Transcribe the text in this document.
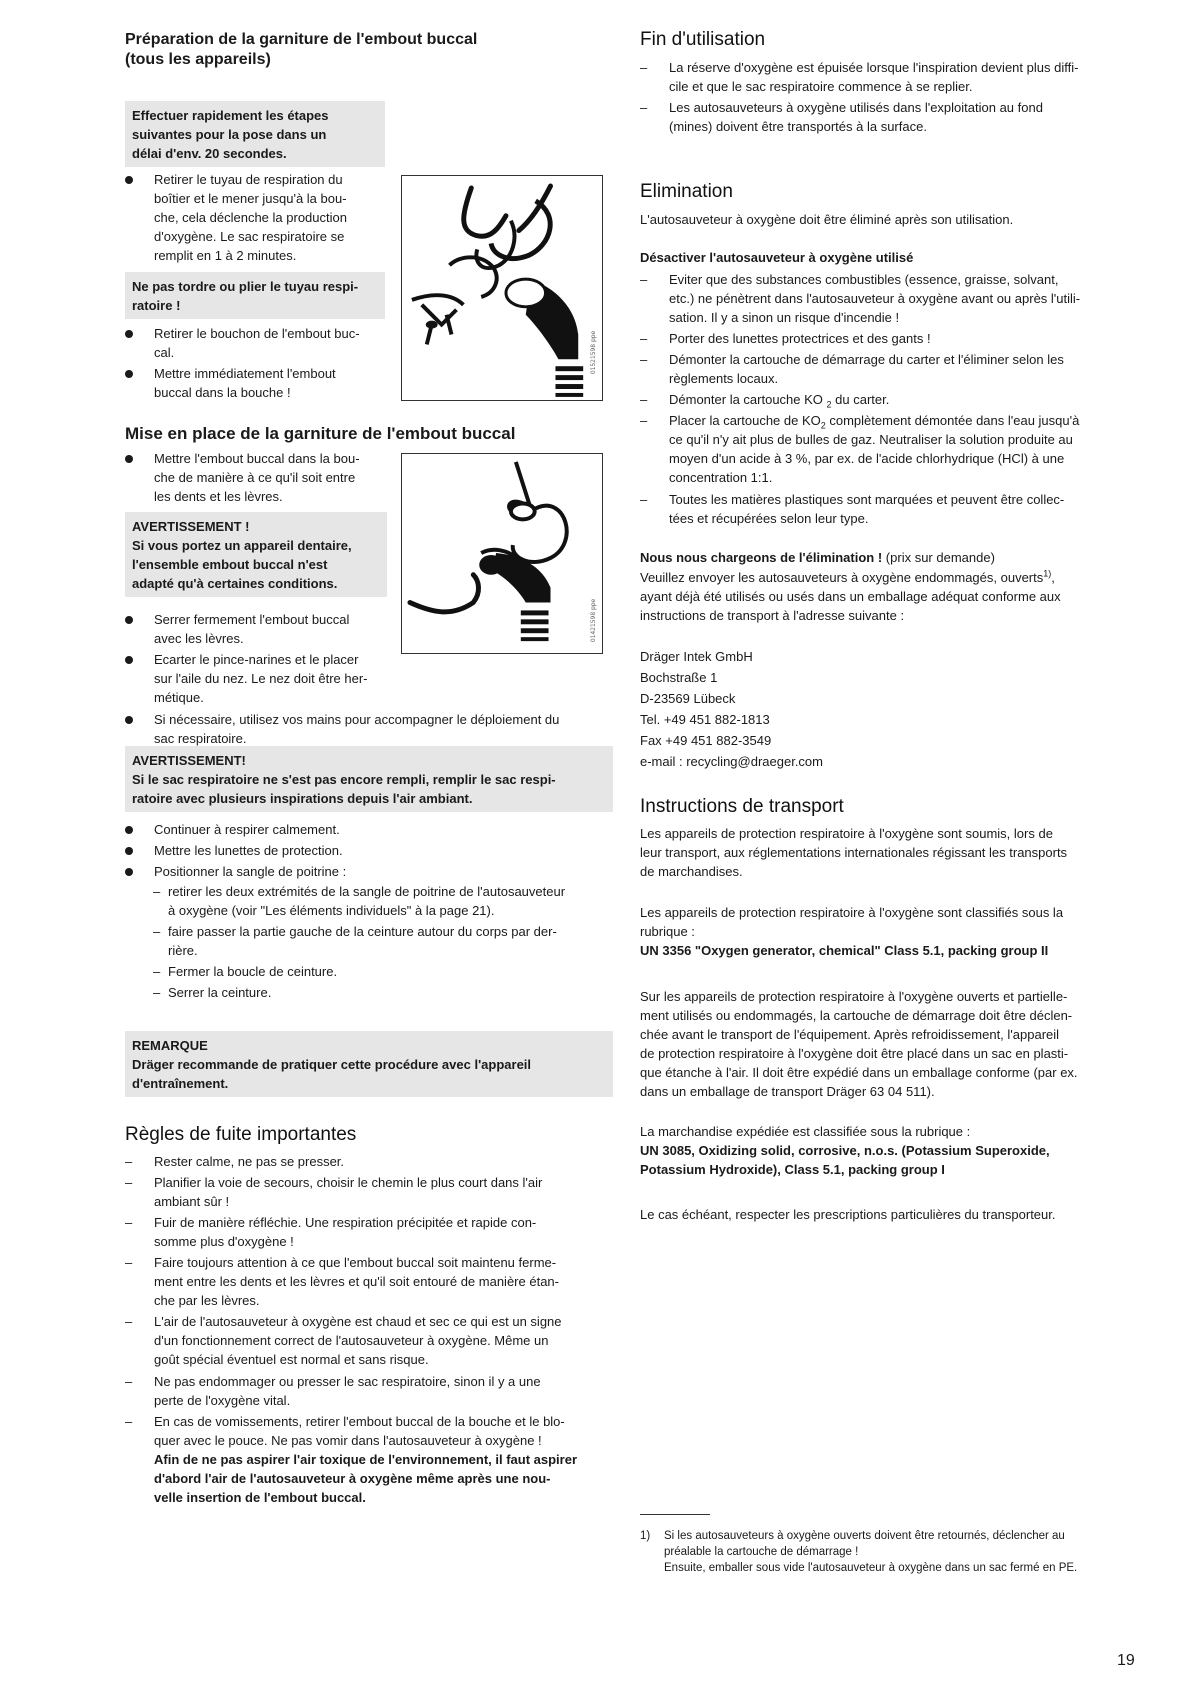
Préparation de la garniture de l'embout buccal
(tous les appareils)
Effectuer rapidement les étapes
suivantes pour la pose dans un
délai d'env. 20 secondes.
Retirer le tuyau de respiration du
boîtier et le mener jusqu'à la bou-
che, cela déclenche la production
d'oxygène. Le sac respiratoire se
remplit en 1 à 2 minutes.
Ne pas tordre ou plier le tuyau respi-
ratoire !
Retirer le bouchon de l'embout buc-
cal.
Mettre immédiatement l'embout
buccal dans la bouche !
01521598 ppe
Mise en place de la garniture de l'embout buccal
Mettre l'embout buccal dans la bou-
che de manière à ce qu'il soit entre
les dents et les lèvres.
AVERTISSEMENT !
Si vous portez un appareil dentaire,
l'ensemble embout buccal n'est
adapté qu'à certaines conditions.
01421598 ppe
Serrer fermement l'embout buccal
avec les lèvres.
Ecarter le pince-narines et le placer
sur l'aile du nez. Le nez doit être her-
métique.
Si nécessaire, utilisez vos mains pour accompagner le déploiement du
sac respiratoire.
AVERTISSEMENT!
Si le sac respiratoire ne s'est pas encore rempli, remplir le sac respi-
ratoire avec plusieurs inspirations depuis l'air ambiant.
Continuer à respirer calmement.
Mettre les lunettes de protection.
Positionner la sangle de poitrine :
– retirer les deux extrémités de la sangle de poitrine de l'autosauveteur
à oxygène (voir "Les éléments individuels" à la page 21).
– faire passer la partie gauche de la ceinture autour du corps par der-
rière.
– Fermer la boucle de ceinture.
– Serrer la ceinture.
REMARQUE
Dräger recommande de pratiquer cette procédure avec l'appareil
d'entraînement.
Règles de fuite importantes
– Rester calme, ne pas se presser.
– Planifier la voie de secours, choisir le chemin le plus court dans l'air
ambiant sûr !
– Fuir de manière réfléchie. Une respiration précipitée et rapide con-
somme plus d'oxygène !
– Faire toujours attention à ce que l'embout buccal soit maintenu ferme-
ment entre les dents et les lèvres et qu'il soit entouré de manière étan-
che par les lèvres.
– L'air de l'autosauveteur à oxygène est chaud et sec ce qui est un signe
d'un fonctionnement correct de l'autosauveteur à oxygène. Même un
goût spécial éventuel est normal et sans risque.
– Ne pas endommager ou presser le sac respiratoire, sinon il y a une
perte de l'oxygène vital.
– En cas de vomissements, retirer l'embout buccal de la bouche et le blo-
quer avec le pouce. Ne pas vomir dans l'autosauveteur à oxygène !
Afin de ne pas aspirer l'air toxique de l'environnement, il faut aspirer
d'abord l'air de l'autosauveteur à oxygène même après une nou-
velle insertion de l'embout buccal.
Fin d'utilisation
– La réserve d'oxygène est épuisée lorsque l'inspiration devient plus diffi-
cile et que le sac respiratoire commence à se replier.
– Les autosauveteurs à oxygène utilisés dans l'exploitation au fond
(mines) doivent être transportés à la surface.
Elimination
L'autosauveteur à oxygène doit être éliminé après son utilisation.
Désactiver l'autosauveteur à oxygène utilisé
– Eviter que des substances combustibles (essence, graisse, solvant,
etc.) ne pénètrent dans l'autosauveteur à oxygène avant ou après l'utili-
sation. Il y a sinon un risque d'incendie !
– Porter des lunettes protectrices et des gants !
– Démonter la cartouche de démarrage du carter et l'éliminer selon les
règlements locaux.
– Démonter la cartouche KO $_2$ du carter.
– Placer la cartouche de $KO_2$ complètement démontée dans l'eau jusqu'à
ce qu'il n'y ait plus de bulles de gaz. Neutraliser la solution produite au
moyen d'un acide à 3 %, par ex. de l'acide chlorhydrique (HCl) à une
concentration 1:1.
– Toutes les matières plastiques sont marquées et peuvent être collec-
tées et récupérées selon leur type.
Nous nous chargeons de l'élimination ! (prix sur demande)
Veuillez envoyer les autosauveteurs à oxygène endommagés, ouverts$^{1)}$,
ayant déjà été utilisés ou usés dans un emballage adéquat conforme aux
instructions de transport à l'adresse suivante :
Dräger Intek GmbH
Bochstraße 1
D-23569 Lübeck
Tel. +49 451 882-1813
Fax +49 451 882-3549
e-mail : recycling@draeger.com
Instructions de transport
Les appareils de protection respiratoire à l'oxygène sont soumis, lors de
leur transport, aux réglementations internationales régissant les transports
de marchandises.
Les appareils de protection respiratoire à l'oxygène sont classifiés sous la
rubrique :
UN 3356 "Oxygen generator, chemical" Class 5.1, packing group II
Sur les appareils de protection respiratoire à l'oxygène ouverts et partielle-
ment utilisés ou endommagés, la cartouche de démarrage doit être déclen-
chée avant le transport de l'équipement. Après refroidissement, l'appareil
de protection respiratoire à l'oxygène doit être placé dans un sac en plasti-
que étanche à l'air. Il doit être expédié dans un emballage conforme (par ex.
dans un emballage de transport Dräger 63 04 511).
La marchandise expédiée est classifiée sous la rubrique :
UN 3085, Oxidizing solid, corrosive, n.o.s. (Potassium Superoxide,
Potassium Hydroxide), Class 5.1, packing group I
Le cas échéant, respecter les prescriptions particulières du transporteur.
1) Si les autosauveteurs à oxygène ouverts doivent être retournés, déclencher au
préalable la cartouche de démarrage !
Ensuite, emballer sous vide l'autosauveteur à oxygène dans un sac fermé en PE.
19
